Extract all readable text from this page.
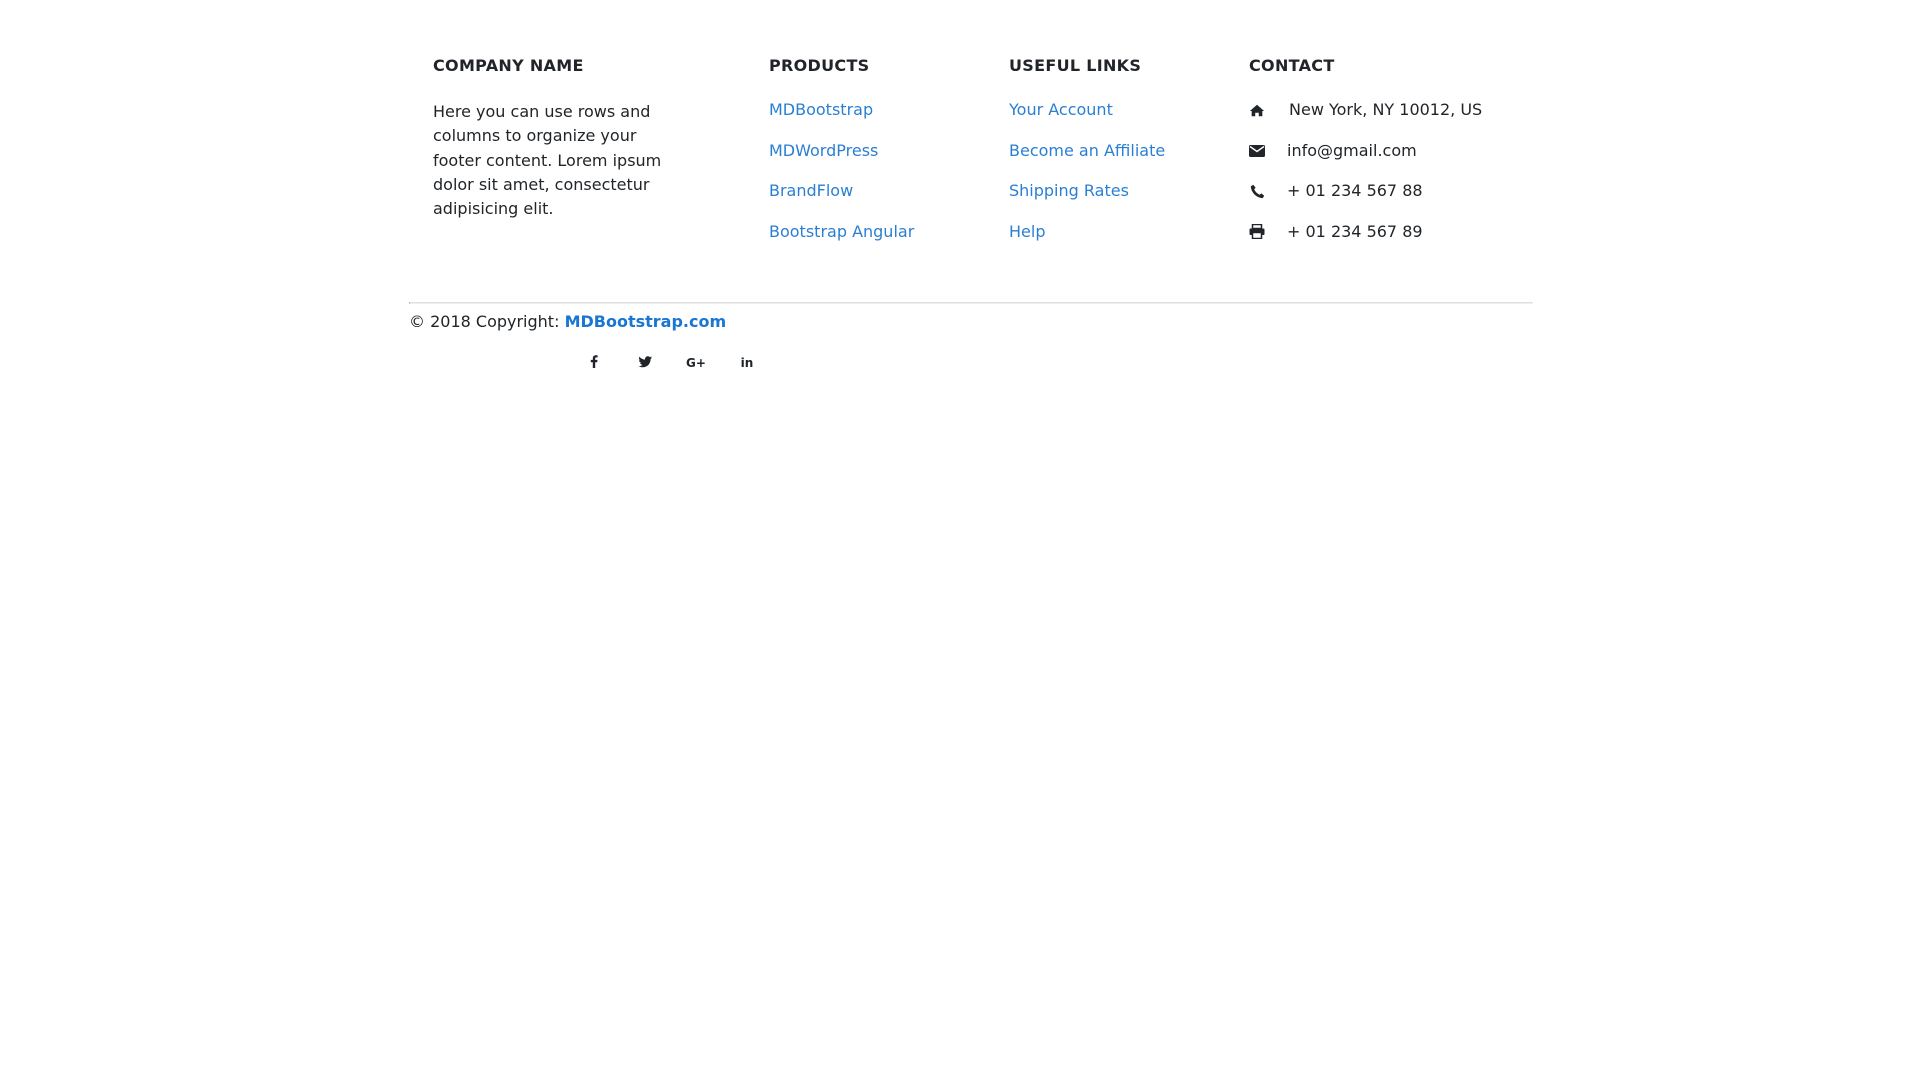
COMPANY NAME

Here you can use rows and columns to organize your footer content. Lorem ipsum dolor sit amet, consectetur adipisicing elit.

PRODUCTS
MDBootstrap
MDWordPress
BrandFlow
Bootstrap Angular
USEFUL LINKS
Your Account
Become an Affiliate
Shipping Rates
Help
CONTACT
New York, NY 10012, US
info@gmail.com
+ 01 234 567 88
+ 01 234 567 89
© 2018 Copyright: MDBootstrap.com
G+	in
